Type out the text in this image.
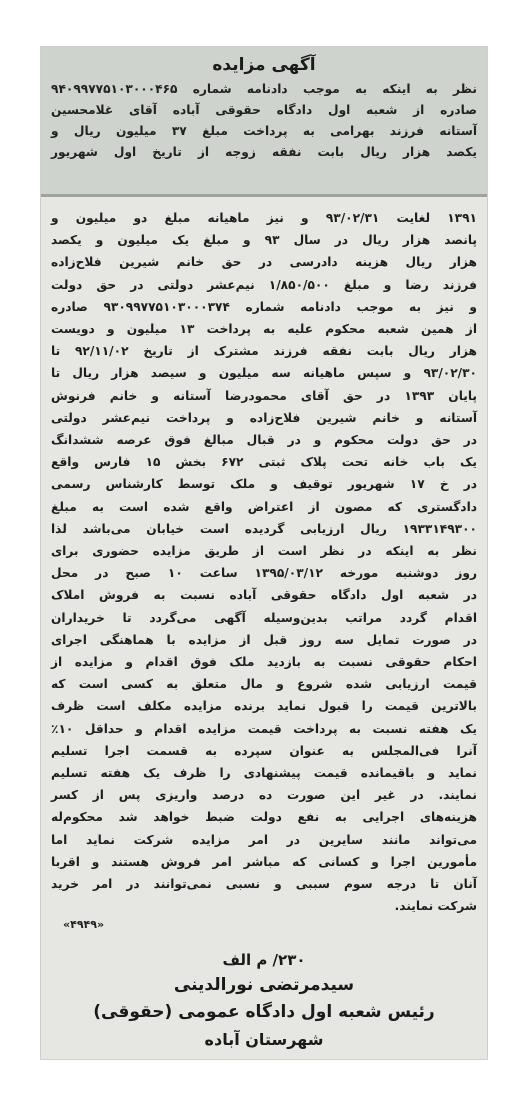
آگهی مزایده
نظر به اینکه به موجب دادنامه شماره ۹۴۰۹۹۷۷۵۱۰۳۰۰۰۴۶۵
صادره از شعبه اول دادگاه حقوقی آباده آقای غلامحسین
آستانه فرزند بهرامی به پرداخت مبلغ ۳۷ میلیون ریال و
یکصد هزار ریال بابت نفقه زوجه از تاریخ اول شهریور
۱۳۹۱ لغایت ۹۳/۰۲/۳۱ و نیز ماهیانه مبلغ دو میلیون و
پانصد هزار ریال در سال ۹۳ و مبلغ یک میلیون و یکصد
هزار ریال هزینه دادرسی در حق خانم شیرین فلاح‌زاده
فرزند رضا و مبلغ ۱/۸۵۰/۵۰۰ نیم‌عشر دولتی در حق دولت
و نیز به موجب دادنامه شماره ۹۳۰۹۹۷۷۵۱۰۳۰۰۰۳۷۴ صادره
از همین شعبه محکوم علیه به پرداخت ۱۳ میلیون و دویست
هزار ریال بابت نفقه فرزند مشترک از تاریخ ۹۲/۱۱/۰۲ تا
۹۳/۰۲/۳۰ و سپس ماهیانه سه میلیون و سیصد هزار ریال تا
پایان ۱۳۹۳ در حق آقای محمودرضا آستانه و خانم فرنوش
آستانه و خانم شیرین فلاح‌زاده و پرداخت نیم‌عشر دولتی
در حق دولت محکوم و در قبال مبالغ فوق عرصه ششدانگ
یک باب خانه تحت پلاک ثبتی ۶۷۲ بخش ۱۵ فارس واقع
در خ ۱۷ شهریور توقیف و ملک توسط کارشناس رسمی
دادگستری که مصون از اعتراض واقع شده است به مبلغ
۱۹۳۳۱۴۹۳۰۰ ریال ارزیابی گردیده است خیابان می‌باشد لذا
نظر به اینکه در نظر است از طریق مزایده حضوری برای
روز دوشنبه مورخه ۱۳۹۵/۰۳/۱۲ ساعت ۱۰ صبح در محل
در شعبه اول دادگاه حقوقی آباده نسبت به فروش املاک
اقدام گردد مراتب بدین‌وسیله آگهی می‌گردد تا خریداران
در صورت تمایل سه روز قبل از مزایده با هماهنگی اجرای
احکام حقوقی نسبت به بازدید ملک فوق اقدام و مزایده از
قیمت ارزیابی شده شروع و مال متعلق به کسی است که
بالاترین قیمت را قبول نماید برنده مزایده مکلف است ظرف
یک هفته نسبت به پرداخت قیمت مزایده اقدام و حداقل ۱۰٪
آنرا فی‌المجلس به عنوان سپرده به قسمت اجرا تسلیم
نماید و باقیمانده قیمت پیشنهادی را ظرف یک هفته تسلیم
نمایند. در غیر این صورت ده درصد واریزی پس از کسر
هزینه‌های اجرایی به نفع دولت ضبط خواهد شد محکوم‌له
می‌تواند مانند سایرین در امر مزایده شرکت نماید اما
مأمورین اجرا و کسانی که مباشر امر فروش هستند و اقربا
آنان تا درجه سوم سببی و نسبی نمی‌توانند در امر خرید
شرکت نمایند.
«۴۹۴۹»
۲۳۰/ م الف
سیدمرتضی نورالدینی
رئیس شعبه اول دادگاه عمومی (حقوقی)
شهرستان آباده
